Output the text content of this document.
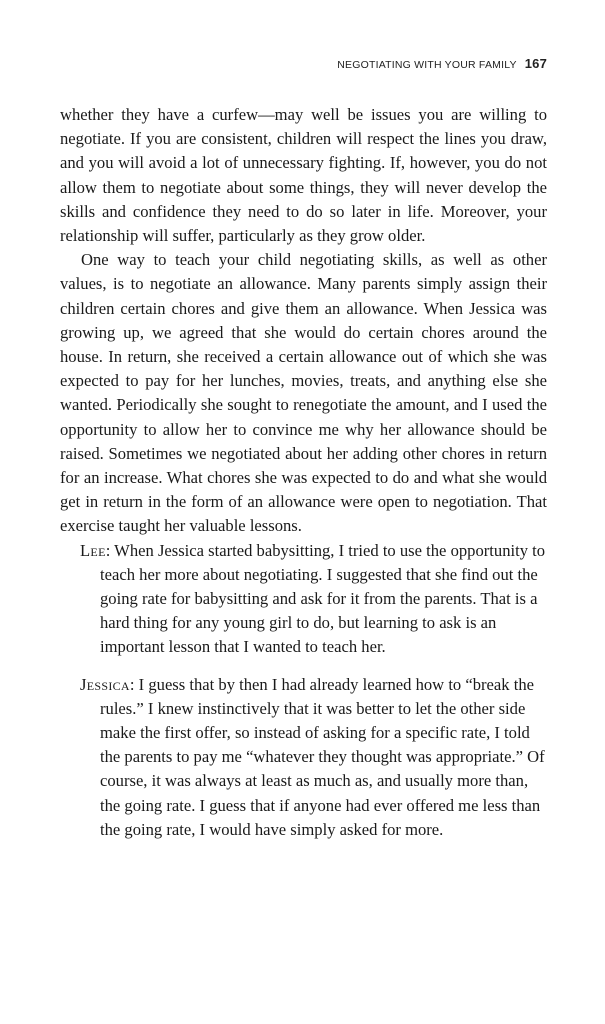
NEGOTIATING WITH YOUR FAMILY 167

whether they have a curfew—may well be issues you are willing to negotiate. If you are consistent, children will respect the lines you draw, and you will avoid a lot of unnecessary fighting. If, however, you do not allow them to negotiate about some things, they will never develop the skills and confidence they need to do so later in life. Moreover, your relationship will suffer, particularly as they grow older.

One way to teach your child negotiating skills, as well as other values, is to negotiate an allowance. Many parents simply assign their children certain chores and give them an allowance. When Jessica was growing up, we agreed that she would do certain chores around the house. In return, she received a certain allowance out of which she was expected to pay for her lunches, movies, treats, and anything else she wanted. Periodically she sought to renegotiate the amount, and I used the opportunity to allow her to convince me why her allowance should be raised. Sometimes we negotiated about her adding other chores in return for an increase. What chores she was expected to do and what she would get in return in the form of an allowance were open to negotiation. That exercise taught her valuable lessons.

Lee: When Jessica started babysitting, I tried to use the opportunity to teach her more about negotiating. I suggested that she find out the going rate for babysitting and ask for it from the parents. That is a hard thing for any young girl to do, but learning to ask is an important lesson that I wanted to teach her.

Jessica: I guess that by then I had already learned how to “break the rules.” I knew instinctively that it was better to let the other side make the first offer, so instead of asking for a specific rate, I told the parents to pay me “whatever they thought was appropriate.” Of course, it was always at least as much as, and usually more than, the going rate. I guess that if anyone had ever offered me less than the going rate, I would have simply asked for more.
